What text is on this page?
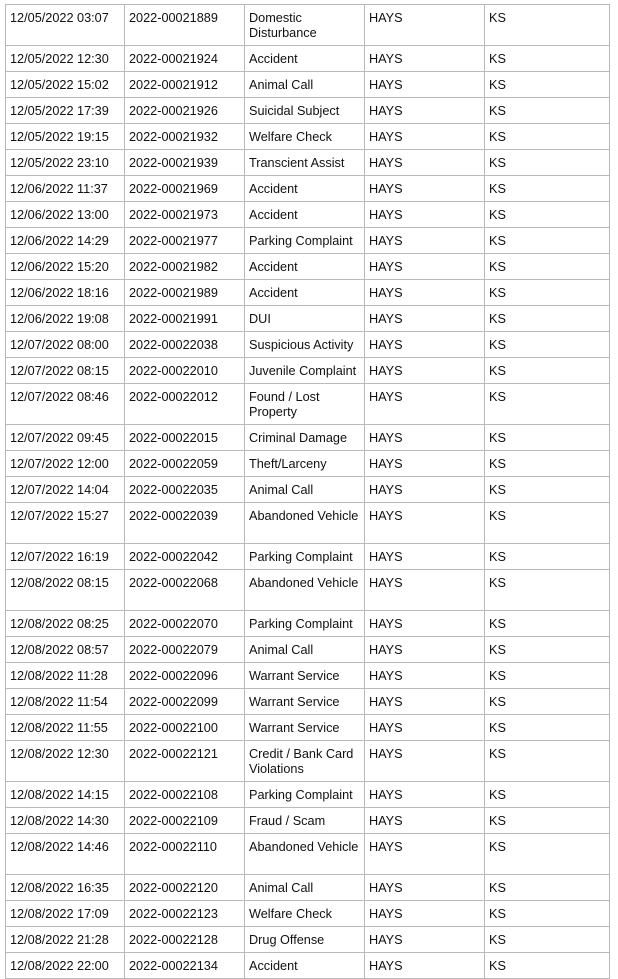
12/05/2022 03:07	2022-00021889	Domestic Disturbance	HAYS	KS
12/05/2022 12:30	2022-00021924	Accident	HAYS	KS
12/05/2022 15:02	2022-00021912	Animal Call	HAYS	KS
12/05/2022 17:39	2022-00021926	Suicidal Subject	HAYS	KS
12/05/2022 19:15	2022-00021932	Welfare Check	HAYS	KS
12/05/2022 23:10	2022-00021939	Transcient Assist	HAYS	KS
12/06/2022 11:37	2022-00021969	Accident	HAYS	KS
12/06/2022 13:00	2022-00021973	Accident	HAYS	KS
12/06/2022 14:29	2022-00021977	Parking Complaint	HAYS	KS
12/06/2022 15:20	2022-00021982	Accident	HAYS	KS
12/06/2022 18:16	2022-00021989	Accident	HAYS	KS
12/06/2022 19:08	2022-00021991	DUI	HAYS	KS
12/07/2022 08:00	2022-00022038	Suspicious Activity	HAYS	KS
12/07/2022 08:15	2022-00022010	Juvenile Complaint	HAYS	KS
12/07/2022 08:46	2022-00022012	Found / Lost Property	HAYS	KS
12/07/2022 09:45	2022-00022015	Criminal Damage	HAYS	KS
12/07/2022 12:00	2022-00022059	Theft/Larceny	HAYS	KS
12/07/2022 14:04	2022-00022035	Animal Call	HAYS	KS
12/07/2022 15:27	2022-00022039	Abandoned Vehicle	HAYS	KS
12/07/2022 16:19	2022-00022042	Parking Complaint	HAYS	KS
12/08/2022 08:15	2022-00022068	Abandoned Vehicle	HAYS	KS
12/08/2022 08:25	2022-00022070	Parking Complaint	HAYS	KS
12/08/2022 08:57	2022-00022079	Animal Call	HAYS	KS
12/08/2022 11:28	2022-00022096	Warrant Service	HAYS	KS
12/08/2022 11:54	2022-00022099	Warrant Service	HAYS	KS
12/08/2022 11:55	2022-00022100	Warrant Service	HAYS	KS
12/08/2022 12:30	2022-00022121	Credit / Bank Card Violations	HAYS	KS
12/08/2022 14:15	2022-00022108	Parking Complaint	HAYS	KS
12/08/2022 14:30	2022-00022109	Fraud / Scam	HAYS	KS
12/08/2022 14:46	2022-00022110	Abandoned Vehicle	HAYS	KS
12/08/2022 16:35	2022-00022120	Animal Call	HAYS	KS
12/08/2022 17:09	2022-00022123	Welfare Check	HAYS	KS
12/08/2022 21:28	2022-00022128	Drug Offense	HAYS	KS
12/08/2022 22:00	2022-00022134	Accident	HAYS	KS
